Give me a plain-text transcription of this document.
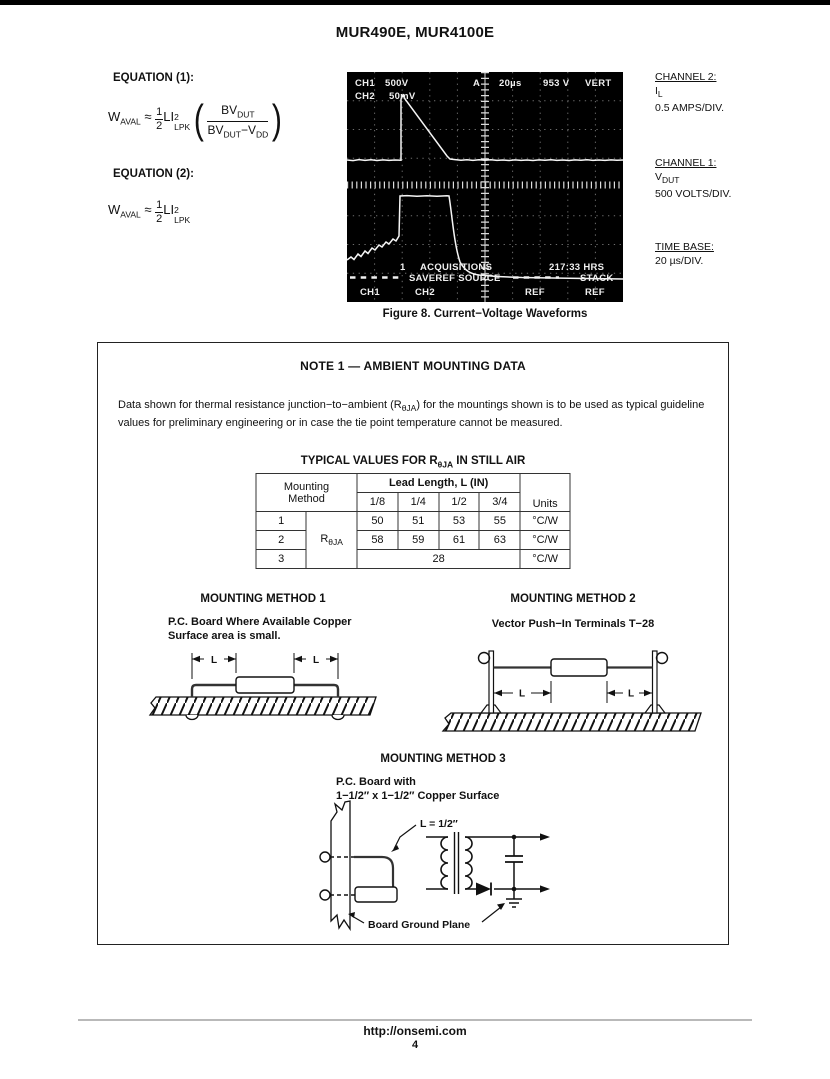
MUR490E, MUR4100E
EQUATION (1):
$W_{AVAL} \approx \frac{1}{2}$ LI 2
LPK ( $\frac{BV_{DUT}}{BV_{DUT}-V_{DD}}$ )
EQUATION (2):
$W_{AVAL} \approx \frac{1}{2}$ LI 2
LPK
CH1 500V
CH2 50mV
A 20µs 953 V VERT
1 ACQUISITIONS	217:33 HRS
SAVEREF SOURCE	STACK
CH1	CH2	REF	REF
Figure 8. Current−Voltage Waveforms
CHANNEL 2:
$I_L$
0.5 AMPS/DIV.
CHANNEL 1:
$V_{DUT}$
500 VOLTS/DIV.
TIME BASE:
20 µs/DIV.
NOTE 1 — AMBIENT MOUNTING DATA
Data shown for thermal resistance junction−to−ambient $(R_{\theta JA})$ for the mountings shown is to be used as typical guideline values for preliminary engineering or in case the tie point temperature cannot be measured.
TYPICAL VALUES FOR $R_{\theta JA}$ IN STILL AIR
Mounting
Method		Lead Length, L (IN)				Units
		1/8	1/4	1/2	3/4	
1	$R_{\theta JA}$	50	51	53	55	°C/W
2		58	59	61	63	°C/W
3		28				°C/W
MOUNTING METHOD 1
P.C. Board Where Available Copper
Surface area is small.
L	L
MOUNTING METHOD 2
Vector Push−In Terminals T−28
L	L
MOUNTING METHOD 3
P.C. Board with
1−1/2″ x 1−1/2″ Copper Surface
L = 1/2″
Board Ground Plane
http://onsemi.com
4
